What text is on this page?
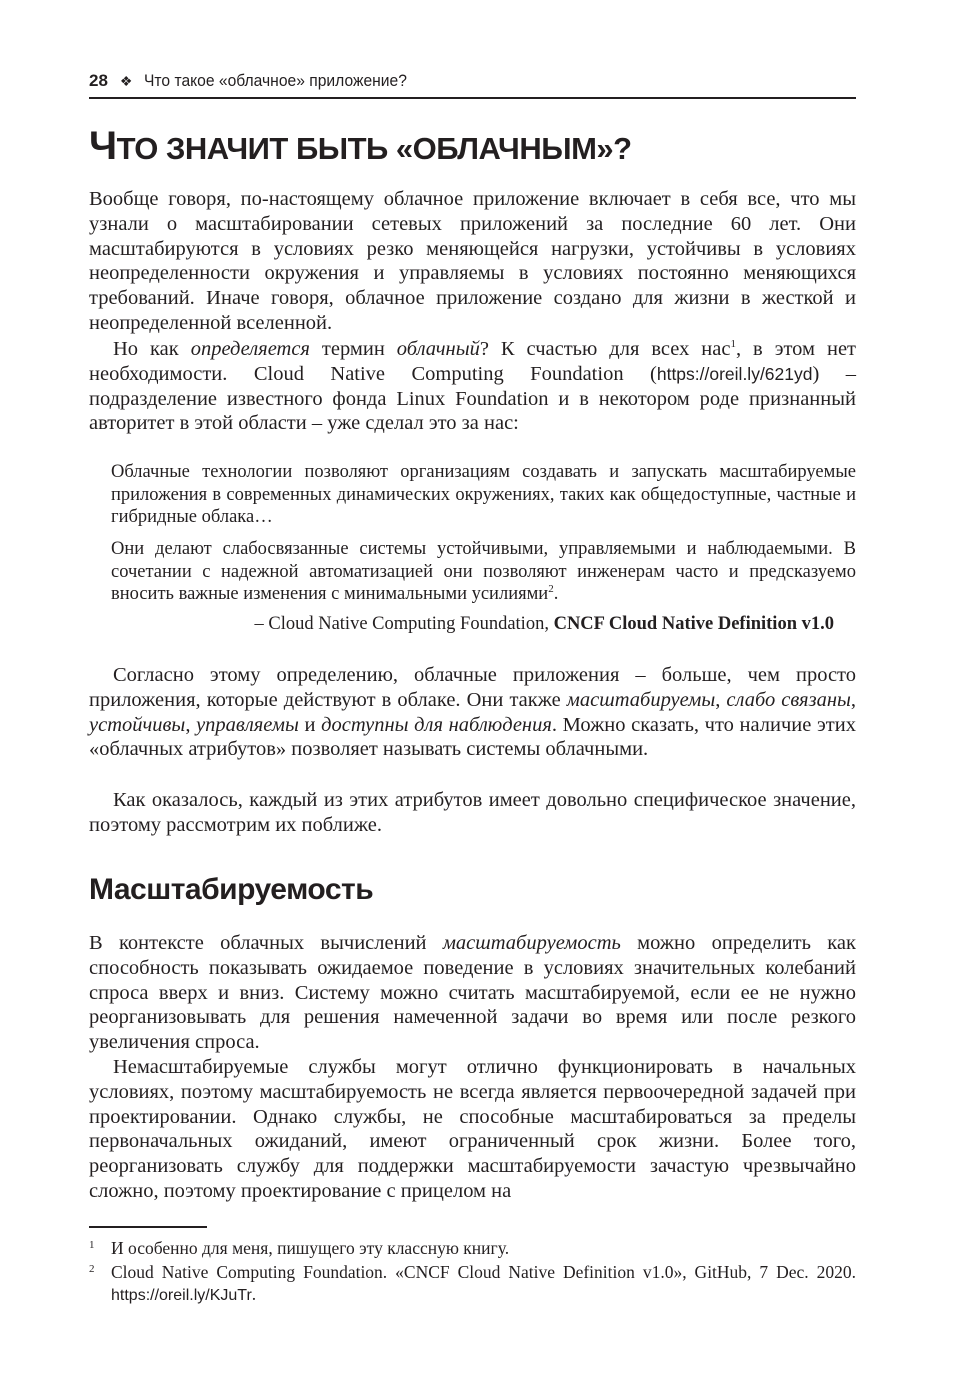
28 ❖ Что такое «облачное» приложение?
ЧТО ЗНАЧИТ БЫТЬ «ОБЛАЧНЫМ»?

Вообще говоря, по-настоящему облачное приложение включает в себя все, что мы узнали о масштабировании сетевых приложений за последние 60 лет. Они масштабируются в условиях резко меняющейся нагрузки, устойчивы в условиях неопределенности окружения и управляемы в условиях постоянно меняющихся требований. Иначе говоря, облачное приложение создано для жизни в жесткой и неопределенной вселенной.

Но как определяется термин облачный? К счастью для всех нас$^1$, в этом нет необходимости. Cloud Native Computing Foundation (https://oreil.ly/621yd) – подразделение известного фонда Linux Foundation и в некотором роде признанный авторитет в этой области – уже сделал это за нас:

Облачные технологии позволяют организациям создавать и запускать масштабируемые приложения в современных динамических окружениях, таких как общедоступные, частные и гибридные облака…

Они делают слабосвязанные системы устойчивыми, управляемыми и наблюдаемыми. В сочетании с надежной автоматизацией они позволяют инженерам часто и предсказуемо вносить важные изменения с минимальными усилиями$^2$.

– Cloud Native Computing Foundation, CNCF Cloud Native Definition v1.0

Согласно этому определению, облачные приложения – больше, чем просто приложения, которые действуют в облаке. Они также масштабируемы, слабо связаны, устойчивы, управляемы и доступны для наблюдения. Можно сказать, что наличие этих «облачных атрибутов» позволяет называть системы облачными.

Как оказалось, каждый из этих атрибутов имеет довольно специфическое значение, поэтому рассмотрим их поближе.

Масштабируемость

В контексте облачных вычислений масштабируемость можно определить как способность показывать ожидаемое поведение в условиях значительных колебаний спроса вверх и вниз. Систему можно считать масштабируемой, если ее не нужно реорганизовывать для решения намеченной задачи во время или после резкого увеличения спроса.

Немасштабируемые службы могут отлично функционировать в начальных условиях, поэтому масштабируемость не всегда является первоочередной задачей при проектировании. Однако службы, не способные масштабироваться за пределы первоначальных ожиданий, имеют ограниченный срок жизни. Более того, реорганизовать службу для поддержки масштабируемости зачастую чрезвычайно сложно, поэтому проектирование с прицелом на

1 И особенно для меня, пишущего эту классную книгу.
2 Cloud Native Computing Foundation. «CNCF Cloud Native Definition v1.0», GitHub, 7 Dec. 2020. https://oreil.ly/KJuTr.
